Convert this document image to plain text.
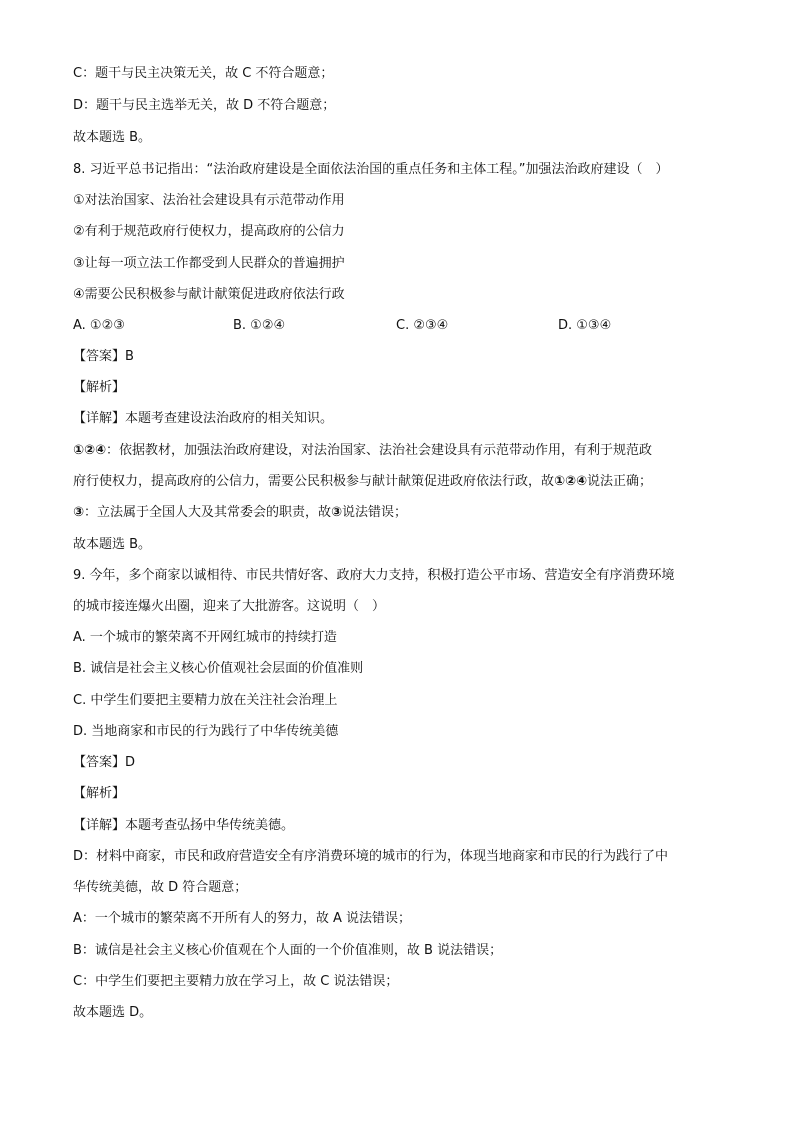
C：题干与民主决策无关，故 C 不符合题意；
D：题干与民主选举无关，故 D 不符合题意；
故本题选 B。
8. 习近平总书记指出：“法治政府建设是全面依法治国的重点任务和主体工程。”加强法治政府建设（　）
①对法治国家、法治社会建设具有示范带动作用
②有利于规范政府行使权力，提高政府的公信力
③让每一项立法工作都受到人民群众的普遍拥护
④需要公民积极参与献计献策促进政府依法行政
A. ①②③	B. ①②④	C. ②③④	D. ①③④
【答案】B
【解析】
【详解】本题考查建设法治政府的相关知识。
①②④：依据教材，加强法治政府建设，对法治国家、法治社会建设具有示范带动作用，有利于规范政
府行使权力，提高政府的公信力，需要公民积极参与献计献策促进政府依法行政，故①②④说法正确；
③：立法属于全国人大及其常委会的职责，故③说法错误；
故本题选 B。
9. 今年，多个商家以诚相待、市民共情好客、政府大力支持，积极打造公平市场、营造安全有序消费环境
的城市接连爆火出圈，迎来了大批游客。这说明（　）
A. 一个城市的繁荣离不开网红城市的持续打造
B. 诚信是社会主义核心价值观社会层面的价值准则
C. 中学生们要把主要精力放在关注社会治理上
D. 当地商家和市民的行为践行了中华传统美德
【答案】D
【解析】
【详解】本题考查弘扬中华传统美德。
D：材料中商家，市民和政府营造安全有序消费环境的城市的行为，体现当地商家和市民的行为践行了中
华传统美德，故 D 符合题意；
A：一个城市的繁荣离不开所有人的努力，故 A 说法错误；
B：诚信是社会主义核心价值观在个人面的一个价值准则，故 B 说法错误；
C：中学生们要把主要精力放在学习上，故 C 说法错误；
故本题选 D。
